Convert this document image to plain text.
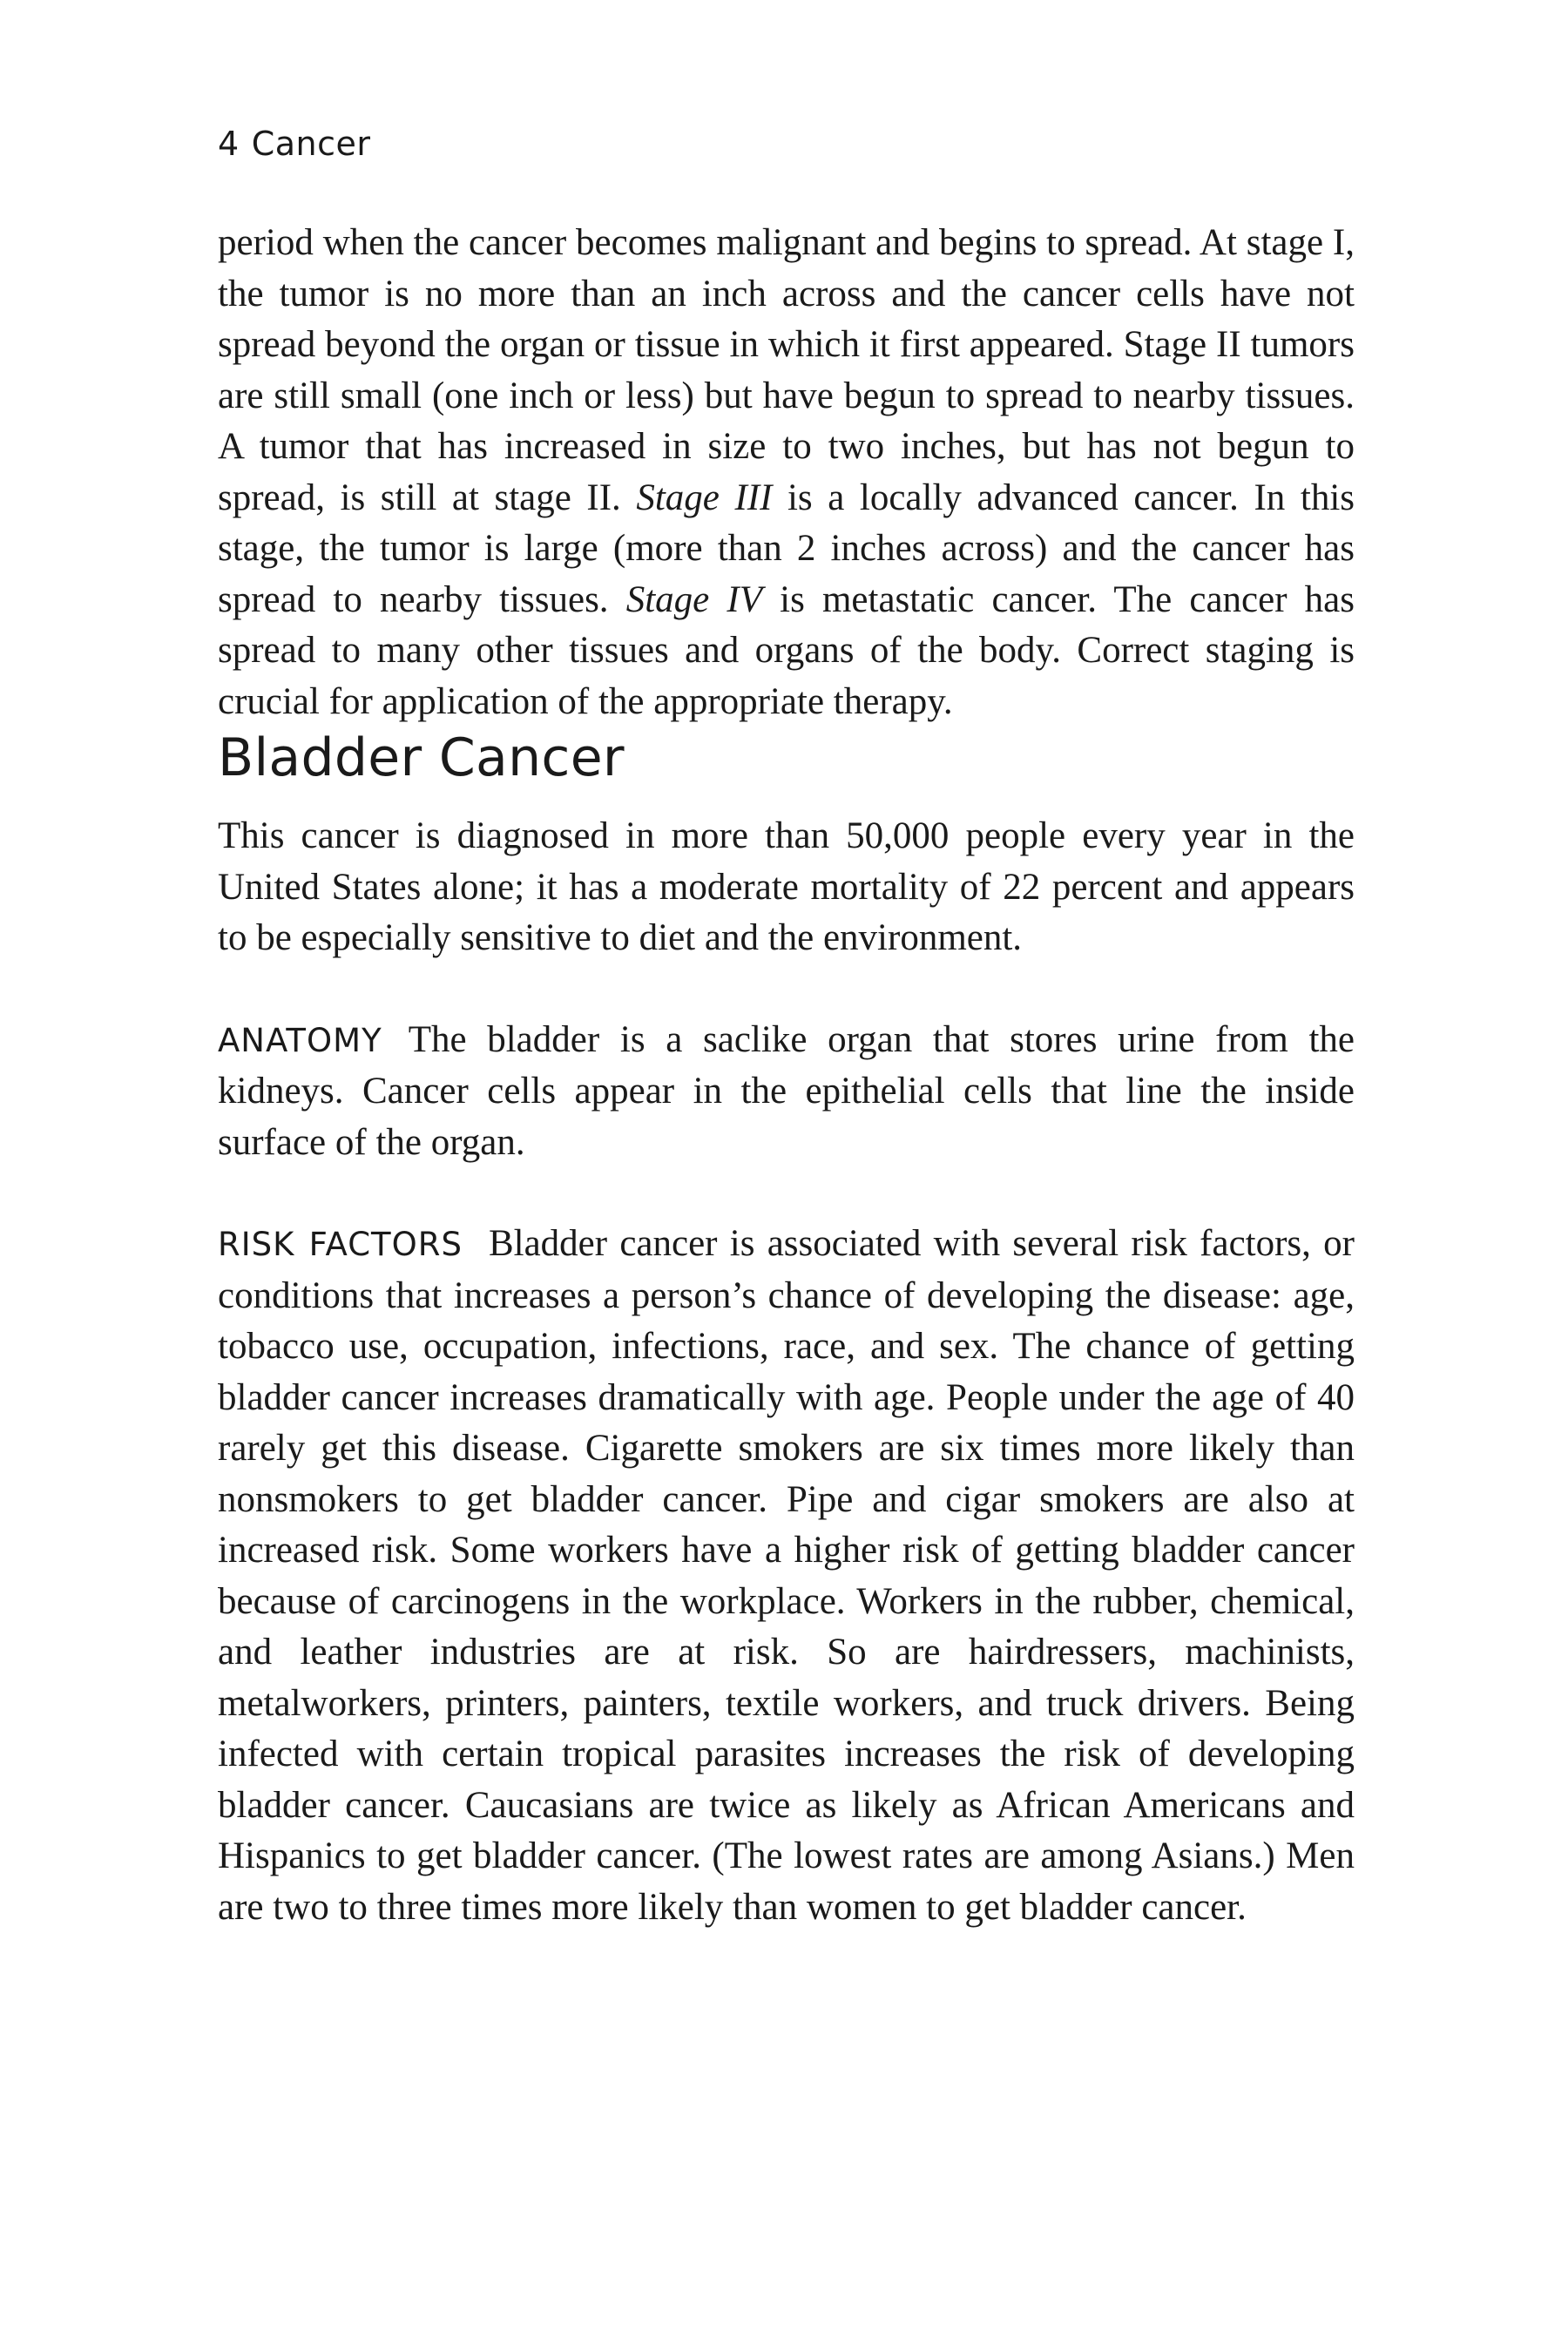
4 Cancer

period when the cancer becomes malignant and begins to spread. At stage I, the tumor is no more than an inch across and the cancer cells have not spread beyond the organ or tissue in which it first appeared. Stage II tumors are still small (one inch or less) but have begun to spread to nearby tissues. A tumor that has increased in size to two inches, but has not begun to spread, is still at stage II. Stage III is a locally advanced cancer. In this stage, the tumor is large (more than 2 inches across) and the cancer has spread to nearby tissues. Stage IV is metastatic cancer. The cancer has spread to many other tissues and organs of the body. Correct staging is crucial for application of the appropriate therapy.

Bladder Cancer

This cancer is diagnosed in more than 50,000 people every year in the United States alone; it has a moderate mortality of 22 percent and appears to be especially sensitive to diet and the environment.

ANATOMY The bladder is a saclike organ that stores urine from the kidneys. Cancer cells appear in the epithelial cells that line the inside surface of the organ.

RISK FACTORS Bladder cancer is associated with several risk factors, or conditions that increases a person’s chance of developing the disease: age, tobacco use, occupation, infections, race, and sex. The chance of getting bladder cancer increases dramatically with age. People under the age of 40 rarely get this disease. Cigarette smokers are six times more likely than nonsmokers to get bladder cancer. Pipe and cigar smokers are also at increased risk. Some workers have a higher risk of getting bladder cancer because of carcinogens in the workplace. Workers in the rubber, chemical, and leather industries are at risk. So are hairdressers, machinists, metalworkers, printers, painters, textile workers, and truck drivers. Being infected with certain tropical parasites increases the risk of developing bladder cancer. Caucasians are twice as likely as African Americans and Hispanics to get bladder cancer. (The lowest rates are among Asians.) Men are two to three times more likely than women to get bladder cancer.
